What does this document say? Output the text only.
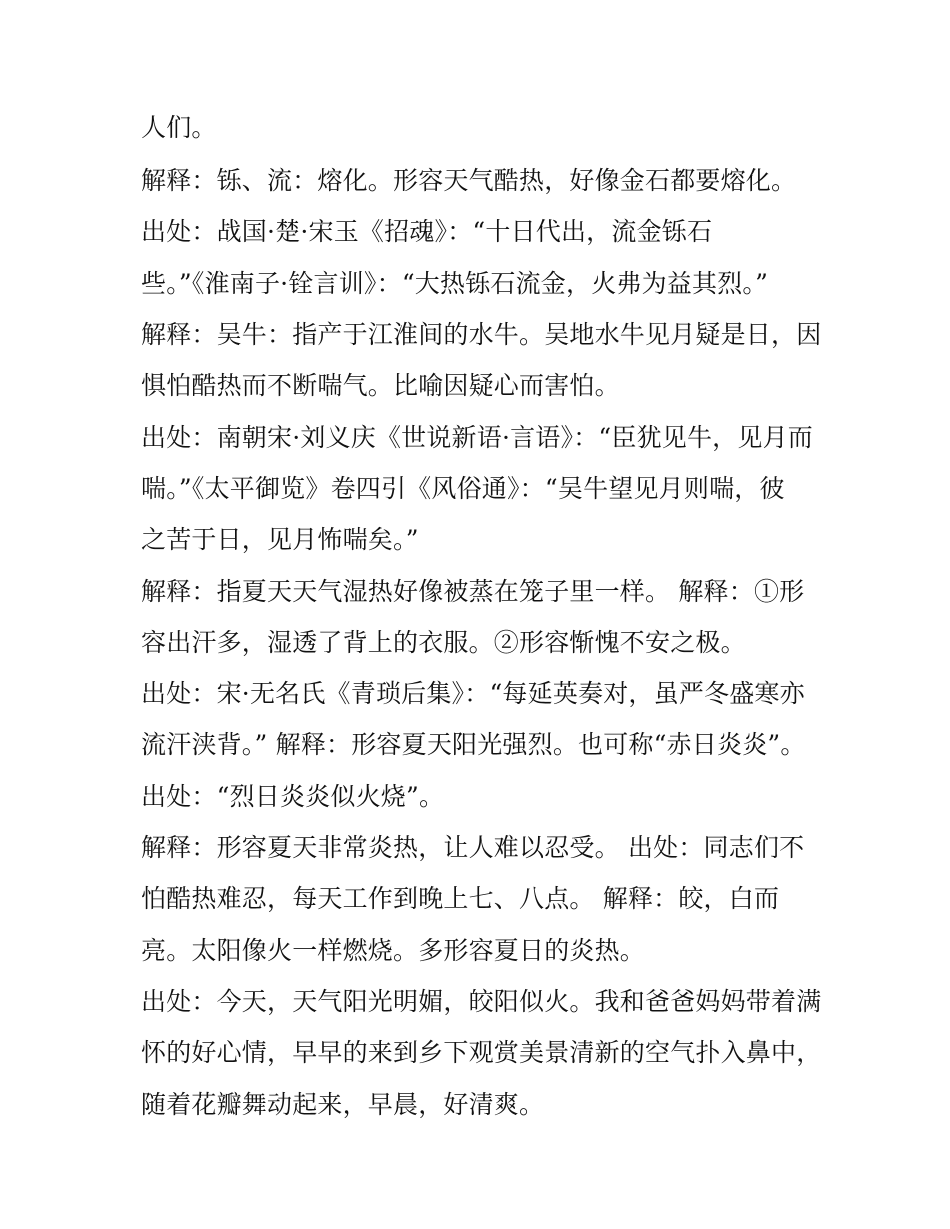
人们。
解释：铄、流：熔化。形容天气酷热，好像金石都要熔化。
出处：战国·楚·宋玉《招魂》：“十日代出，流金铄石
些。”《淮南子·铨言训》：“大热铄石流金，火弗为益其烈。”
解释：吴牛：指产于江淮间的水牛。吴地水牛见月疑是日，因
惧怕酷热而不断喘气。比喻因疑心而害怕。
出处：南朝宋·刘义庆《世说新语·言语》：“臣犹见牛，见月而
喘。”《太平御览》卷四引《风俗通》：“吴牛望见月则喘，彼
之苦于日，见月怖喘矣。”
解释：指夏天天气湿热好像被蒸在笼子里一样。 解释：①形
容出汗多，湿透了背上的衣服。②形容惭愧不安之极。
出处：宋·无名氏《青琐后集》：“每延英奏对，虽严冬盛寒亦
流汗浃背。” 解释：形容夏天阳光强烈。也可称“赤日炎炎”。
出处：“烈日炎炎似火烧”。
解释：形容夏天非常炎热，让人难以忍受。 出处：同志们不
怕酷热难忍，每天工作到晚上七、八点。 解释：皎，白而
亮。太阳像火一样燃烧。多形容夏日的炎热。
出处：今天，天气阳光明媚，皎阳似火。我和爸爸妈妈带着满
怀的好心情，早早的来到乡下观赏美景清新的空气扑入鼻中，
随着花瓣舞动起来，早晨，好清爽。
